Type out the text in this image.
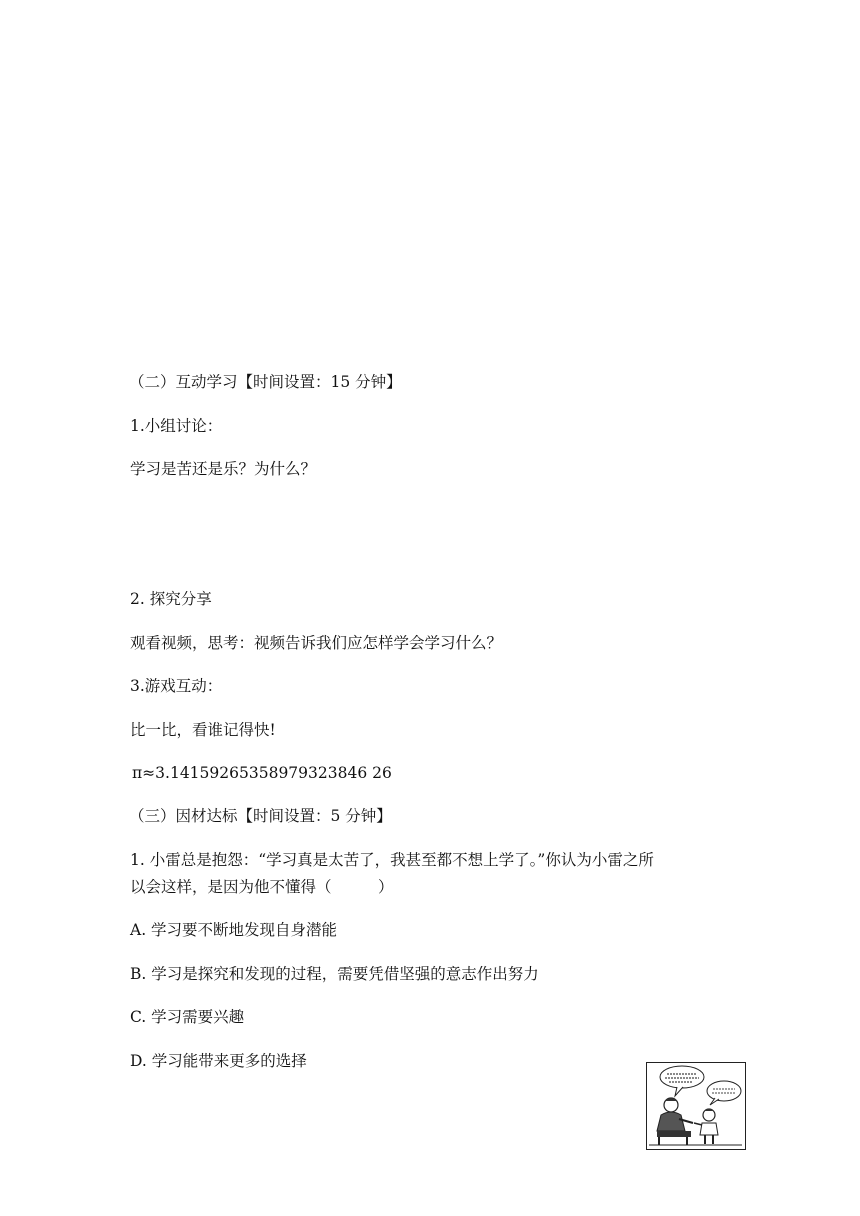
（二）互动学习【时间设置：15 分钟】
1.小组讨论：
学习是苦还是乐？为什么？
2. 探究分享
观看视频，思考：视频告诉我们应怎样学会学习什么？
3.游戏互动：
比一比，看谁记得快!
π≈3.14159265358979323846 26
（三）因材达标【时间设置：5 分钟】
1. 小雷总是抱怨：“学习真是太苦了，我甚至都不想上学了。”你认为小雷之所
以会这样，是因为他不懂得（　　　）
A. 学习要不断地发现自身潜能
B. 学习是探究和发现的过程，需要凭借坚强的意志作出努力
C. 学习需要兴趣
D. 学习能带来更多的选择
